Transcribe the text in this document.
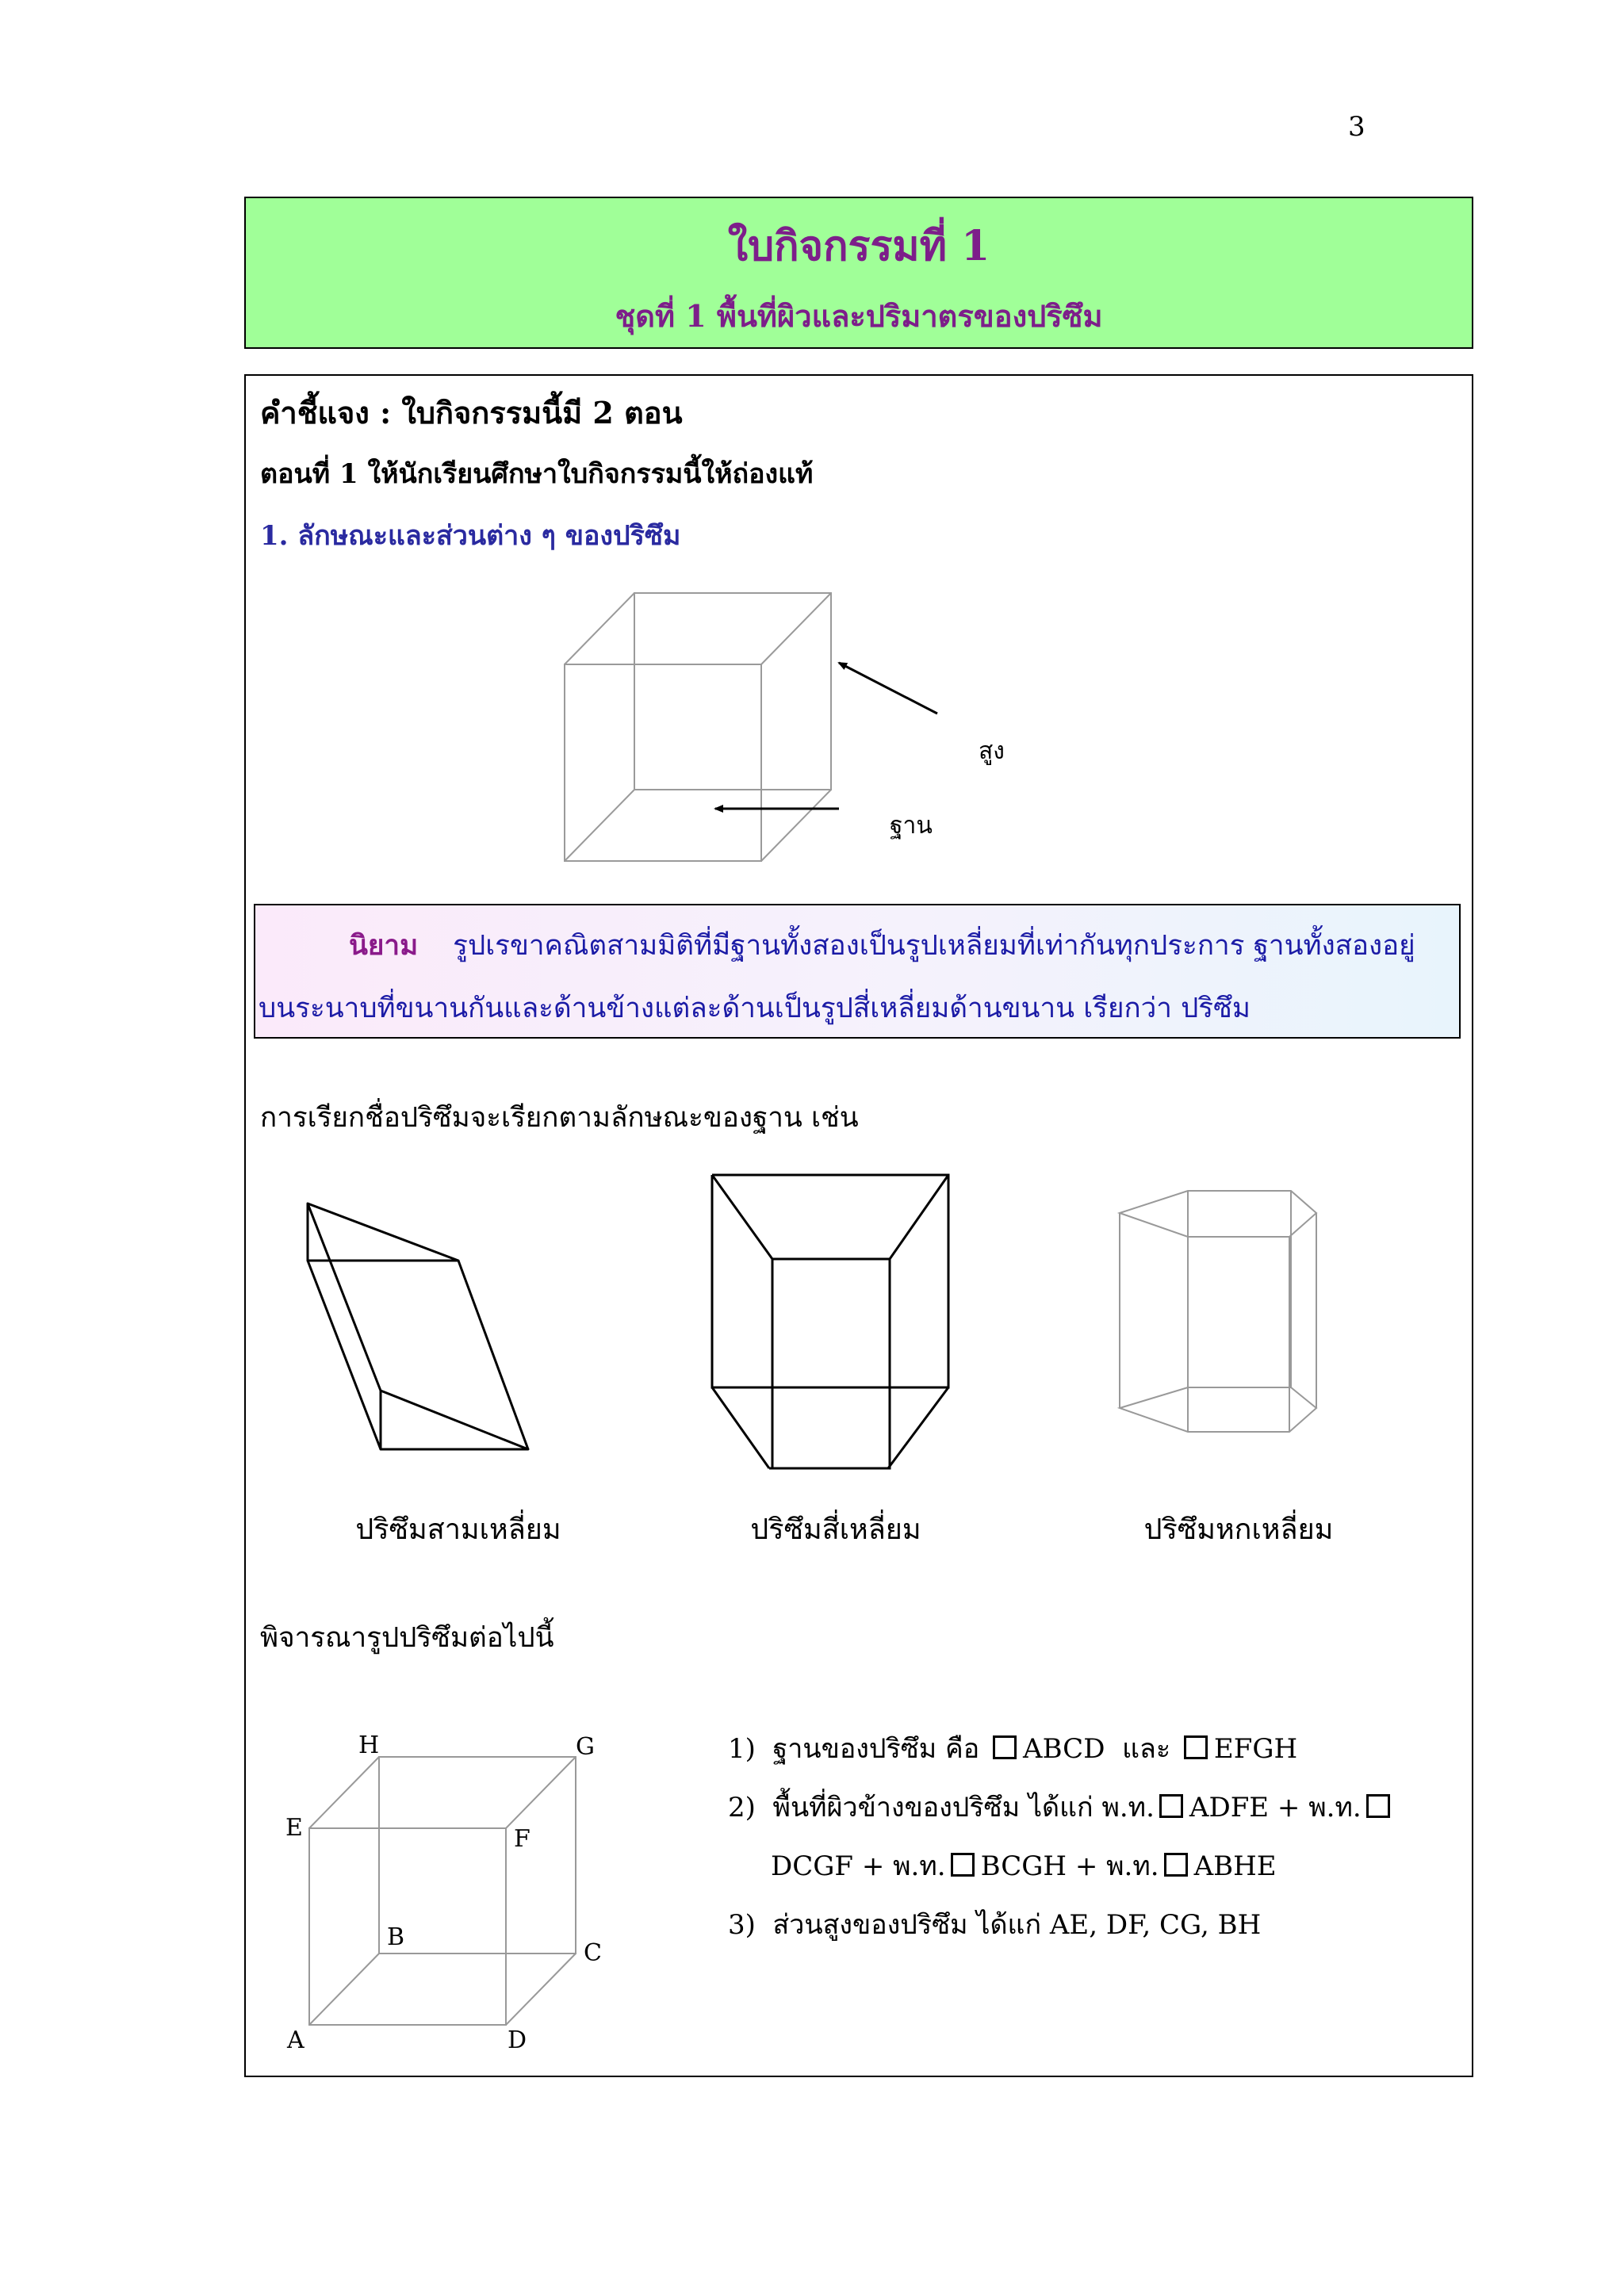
3
ใบกิจกรรมที่ 1
ชุดที่ 1 พื้นที่ผิวและปริมาตรของปริซึม
คำชี้แจง : ใบกิจกรรมนี้มี 2 ตอน
ตอนที่ 1 ให้นักเรียนศึกษาใบกิจกรรมนี้ให้ถ่องแท้
1. ลักษณะและส่วนต่าง ๆ ของปริซึม
สูง
ฐาน
นิยาม รูปเรขาคณิตสามมิติที่มีฐานทั้งสองเป็นรูปเหลี่ยมที่เท่ากันทุกประการ ฐานทั้งสองอยู่
บนระนาบที่ขนานกันและด้านข้างแต่ละด้านเป็นรูปสี่เหลี่ยมด้านขนาน เรียกว่า ปริซึม
การเรียกชื่อปริซึมจะเรียกตามลักษณะของฐาน เช่น
ปริซึมสามเหลี่ยม	ปริซึมสี่เหลี่ยม	ปริซึมหกเหลี่ยม
พิจารณารูปปริซึมต่อไปนี้
H	G
E	F
B
C
A	D
1) ฐานของปริซึม คือ ABCD และ EFGH
2) พื้นที่ผิวข้างของปริซึม ได้แก่ พ.ท. ADFE + พ.ท.
DCGF + พ.ท. BCGH + พ.ท. ABHE
3) ส่วนสูงของปริซึม ได้แก่ AE, DF, CG, BH
